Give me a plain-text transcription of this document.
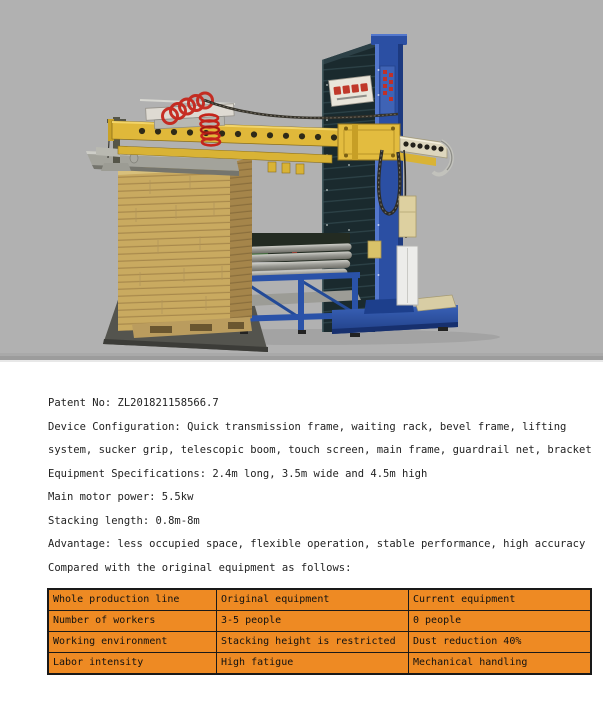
Patent No: ZL201821158566.7

Device Configuration: Quick transmission frame, waiting rack, bevel frame, lifting

system, sucker grip, telescopic boom, touch screen, main frame, guardrail net, bracket

Equipment Specifications: 2.4m long, 3.5m wide and 4.5m high

Main motor power: 5.5kw

Stacking length: 0.8m-8m

Advantage: less occupied space, flexible operation, stable performance, high accuracy

Compared with the original equipment as follows:

Whole production line	Original equipment	Current equipment
Number of workers	3-5 people	0 people
Working environment	Stacking height is restricted	Dust reduction 40%
Labor intensity	High fatigue	Mechanical handling
